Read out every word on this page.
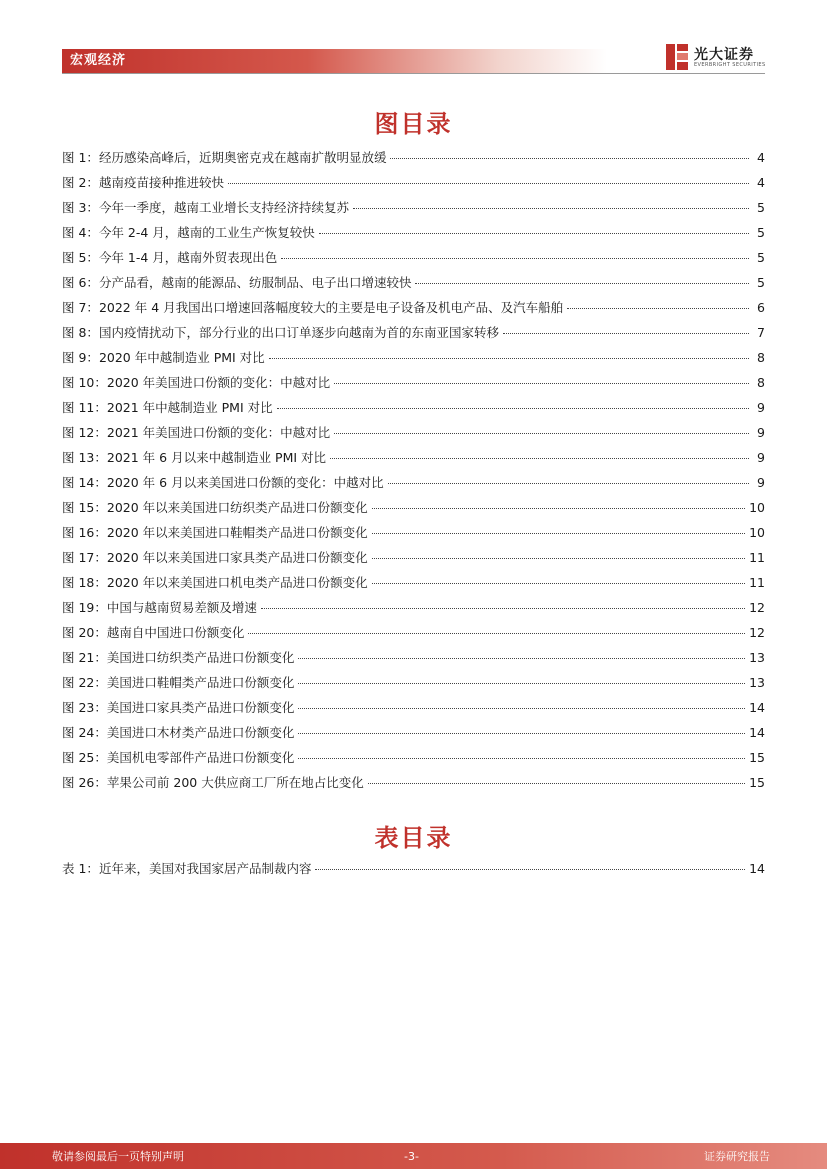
宏观经济	光大证券
EVERBRIGHT SECURITIES
图目录
图 1： 经历感染高峰后，近期奥密克戎在越南扩散明显放缓	4
图 2： 越南疫苗接种推进较快	4
图 3： 今年一季度，越南工业增长支持经济持续复苏	5
图 4： 今年 2-4 月，越南的工业生产恢复较快	5
图 5： 今年 1-4 月，越南外贸表现出色	5
图 6： 分产品看，越南的能源品、纺服制品、电子出口增速较快	5
图 7： 2022 年 4 月我国出口增速回落幅度较大的主要是电子设备及机电产品、及汽车船舶	6
图 8： 国内疫情扰动下，部分行业的出口订单逐步向越南为首的东南亚国家转移	7
图 9： 2020 年中越制造业 PMI 对比	8
图 10： 2020 年美国进口份额的变化：中越对比	8
图 11： 2021 年中越制造业 PMI 对比	9
图 12： 2021 年美国进口份额的变化：中越对比	9
图 13： 2021 年 6 月以来中越制造业 PMI 对比	9
图 14： 2020 年 6 月以来美国进口份额的变化：中越对比	9
图 15： 2020 年以来美国进口纺织类产品进口份额变化	10
图 16： 2020 年以来美国进口鞋帽类产品进口份额变化	10
图 17： 2020 年以来美国进口家具类产品进口份额变化	11
图 18： 2020 年以来美国进口机电类产品进口份额变化	11
图 19： 中国与越南贸易差额及增速	12
图 20： 越南自中国进口份额变化	12
图 21： 美国进口纺织类产品进口份额变化	13
图 22： 美国进口鞋帽类产品进口份额变化	13
图 23： 美国进口家具类产品进口份额变化	14
图 24： 美国进口木材类产品进口份额变化	14
图 25： 美国机电零部件产品进口份额变化	15
图 26： 苹果公司前 200 大供应商工厂所在地占比变化	15
表目录
表 1： 近年来，美国对我国家居产品制裁内容	14
敬请参阅最后一页特别声明	-3-	证券研究报告
